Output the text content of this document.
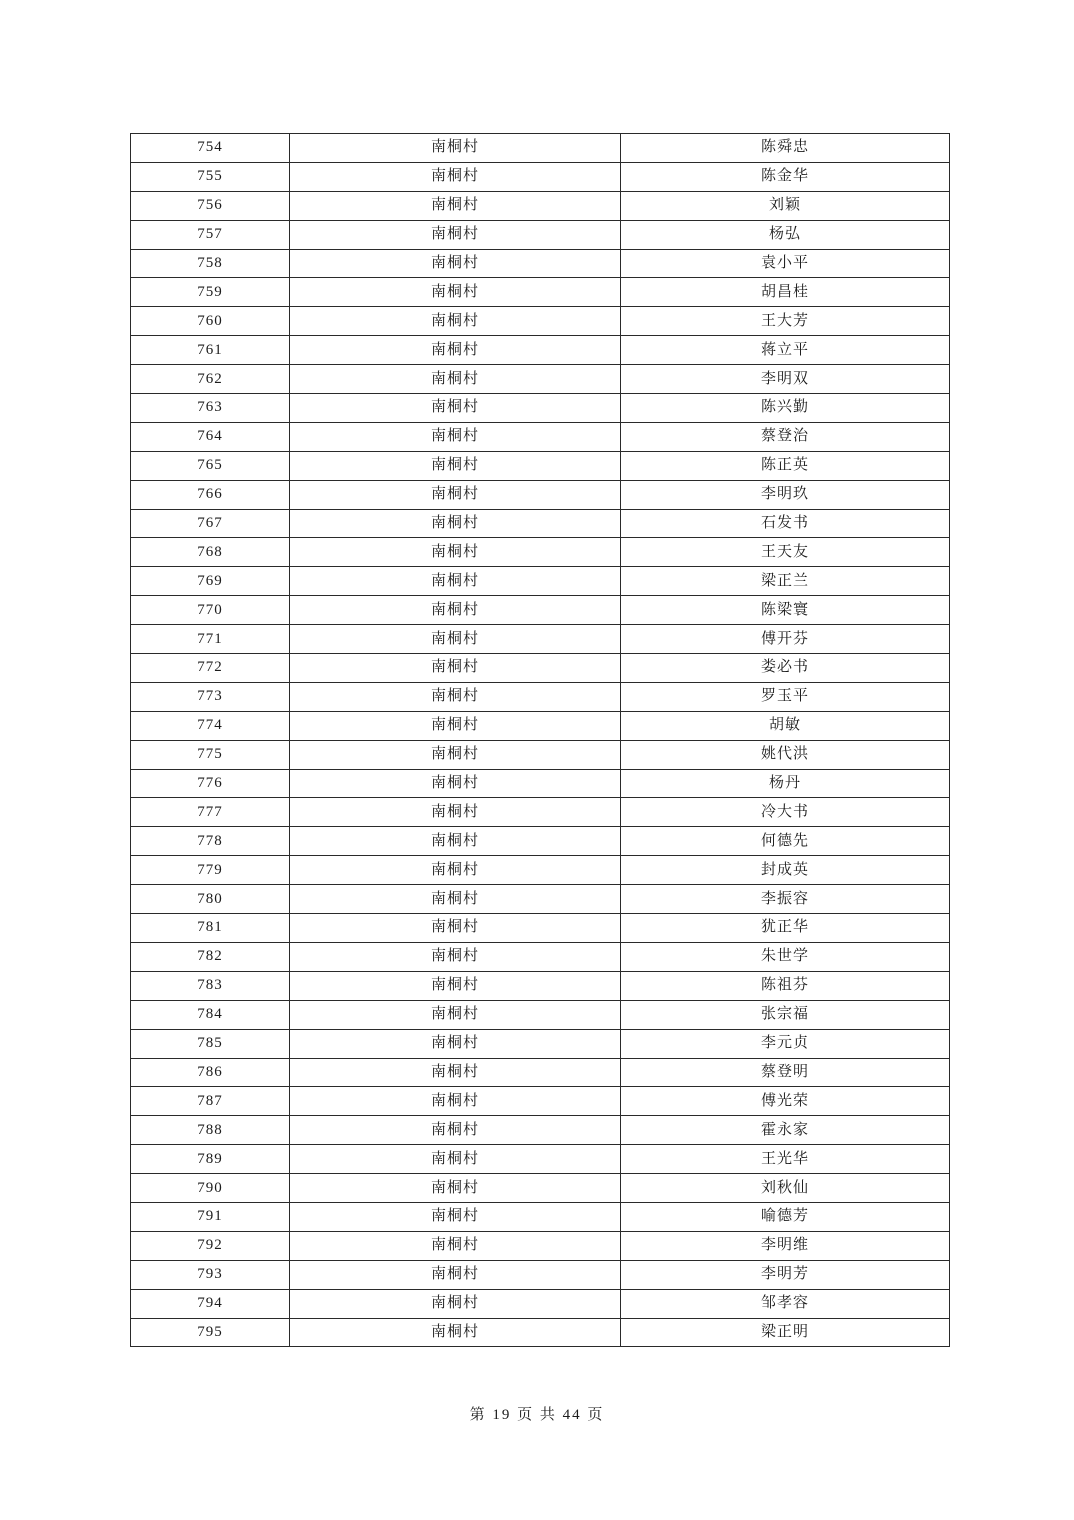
754	南桐村	陈舜忠
755	南桐村	陈金华
756	南桐村	刘颖
757	南桐村	杨弘
758	南桐村	袁小平
759	南桐村	胡昌桂
760	南桐村	王大芳
761	南桐村	蒋立平
762	南桐村	李明双
763	南桐村	陈兴勤
764	南桐村	蔡登治
765	南桐村	陈正英
766	南桐村	李明玖
767	南桐村	石发书
768	南桐村	王天友
769	南桐村	梁正兰
770	南桐村	陈梁寰
771	南桐村	傅开芬
772	南桐村	娄必书
773	南桐村	罗玉平
774	南桐村	胡敏
775	南桐村	姚代洪
776	南桐村	杨丹
777	南桐村	冷大书
778	南桐村	何德先
779	南桐村	封成英
780	南桐村	李振容
781	南桐村	犹正华
782	南桐村	朱世学
783	南桐村	陈祖芬
784	南桐村	张宗福
785	南桐村	李元贞
786	南桐村	蔡登明
787	南桐村	傅光荣
788	南桐村	霍永家
789	南桐村	王光华
790	南桐村	刘秋仙
791	南桐村	喻德芳
792	南桐村	李明维
793	南桐村	李明芳
794	南桐村	邹孝容
795	南桐村	梁正明
第 19 页 共 44 页
